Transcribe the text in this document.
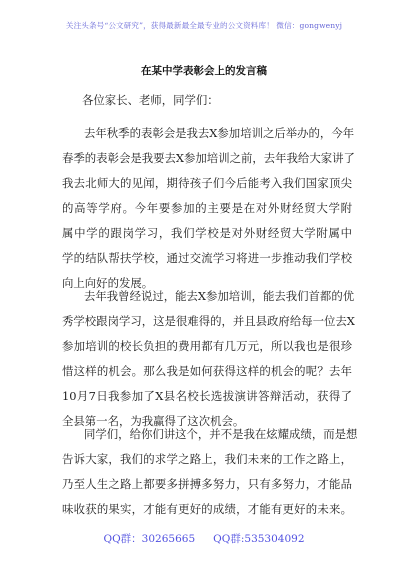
关注头条号“公文研究”，获得最新最全最专业的公文资料库！ 微信：gongwenyj
在某中学表彰会上的发言稿
各位家长、老师，同学们：
去年秋季的表彰会是我去X参加培训之后举办的，今年
春季的表彰会是我要去X参加培训之前，去年我给大家讲了
我去北师大的见闻，期待孩子们今后能考入我们国家顶尖
的高等学府。今年要参加的主要是在对外财经贸大学附
属中学的跟岗学习，我们学校是对外财经贸大学附属中
学的结队帮扶学校，通过交流学习将进一步推动我们学校
向上向好的发展。
去年我曾经说过，能去X参加培训，能去我们首都的优
秀学校跟岗学习，这是很难得的，并且县政府给每一位去X
参加培训的校长负担的费用都有几万元，所以我也是很珍
惜这样的机会。那么我是如何获得这样的机会的呢？去年
10月7日我参加了X县名校长选拔演讲答辩活动，获得了
全县第一名，为我赢得了这次机会。
同学们，给你们讲这个，并不是我在炫耀成绩，而是想
告诉大家，我们的求学之路上，我们未来的工作之路上，
乃至人生之路上都要多拼搏多努力，只有多努力，才能品
味收获的果实，才能有更好的成绩，才能有更好的未来。
QQ群：30265665 QQ群:535304092
